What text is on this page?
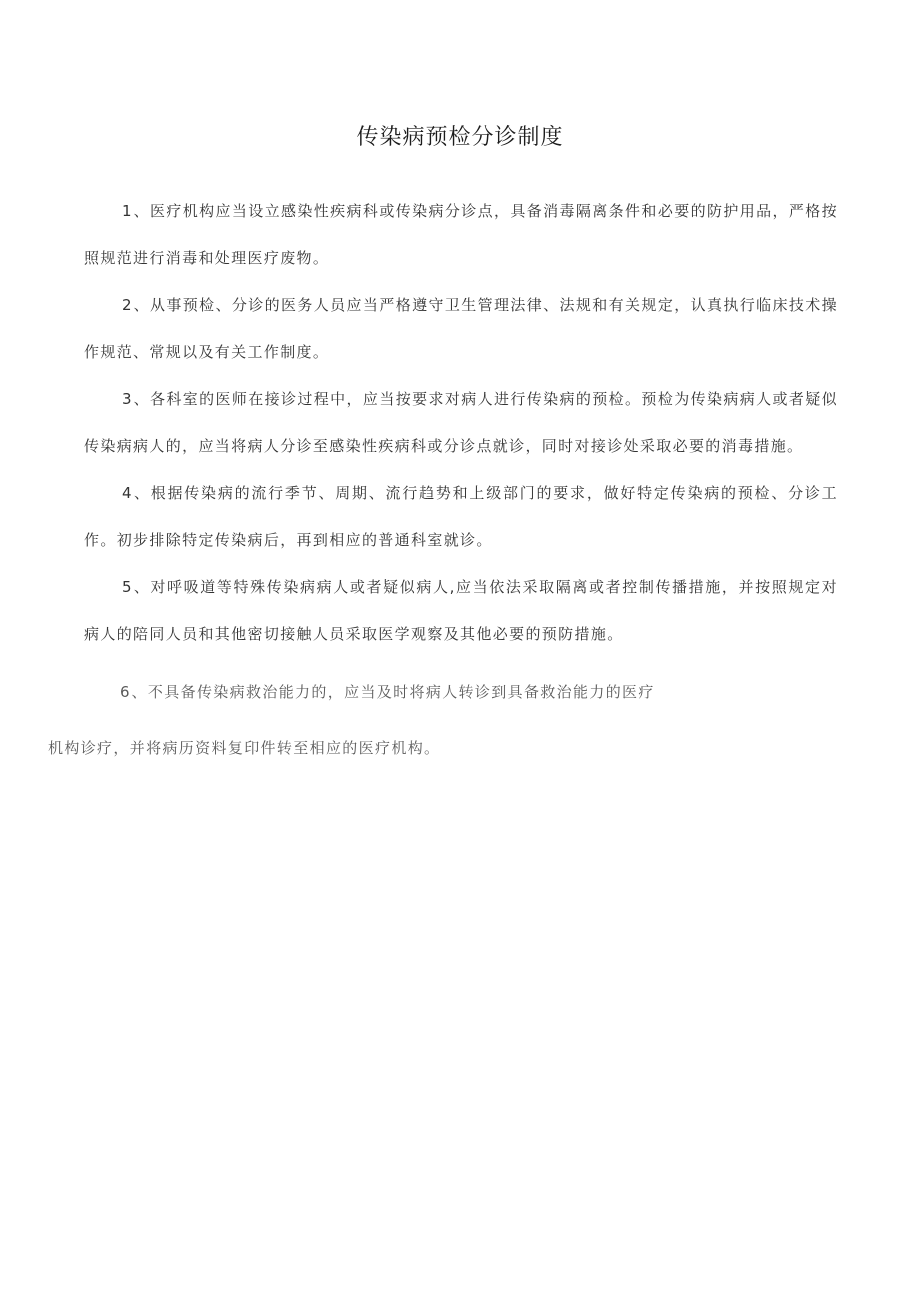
传染病预检分诊制度

1 、医疗机构应当设立感染性疾病科或传染病分诊点，具备消毒隔离条件和必要的防护用品，严格按照规范进行消毒和处理医疗废物。

2 、从事预检、分诊的医务人员应当严格遵守卫生管理法律、法规和有关规定，认真执行临床技术操作规范、常规以及有关工作制度。

3 、各科室的医师在接诊过程中，应当按要求对病人进行传染病的预检。预检为传染病病人或者疑似传染病病人的，应当将病人分诊至感染性疾病科或分诊点就诊，同时对接诊处采取必要的消毒措施。

4 、根据传染病的流行季节、周期、流行趋势和上级部门的要求，做好特定传染病的预检、分诊工作。初步排除特定传染病后，再到相应的普通科室就诊。

5 、对呼吸道等特殊传染病病人或者疑似病人,应当依法采取隔离或者控制传播措施，并按照规定对病人的陪同人员和其他密切接触人员采取医学观察及其他必要的预防措施。

6 、不具备传染病救治能力的，应当及时将病人转诊到具备救治能力的医疗
机构诊疗，并将病历资料复印件转至相应的医疗机构。
